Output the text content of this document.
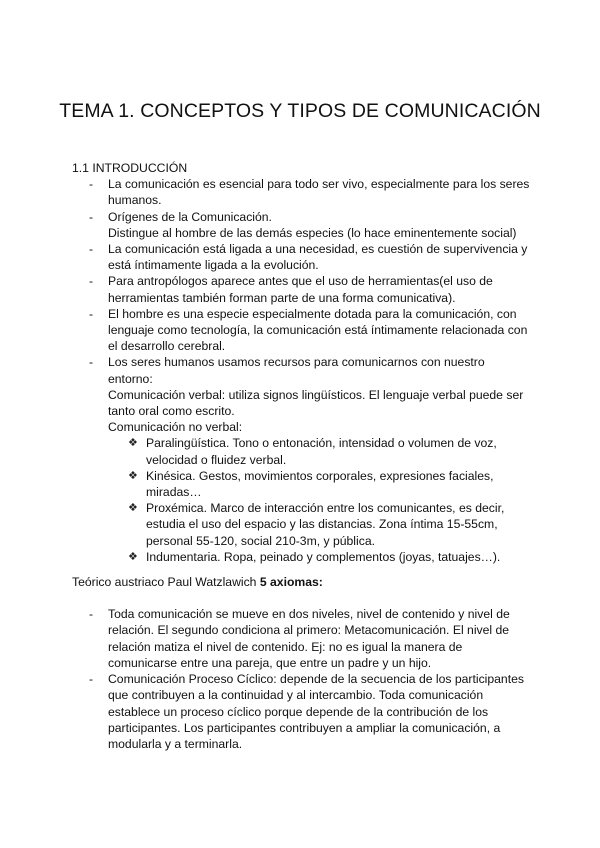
TEMA 1. CONCEPTOS Y TIPOS DE COMUNICACIÓN

1.1 INTRODUCCIÓN

- La comunicación es esencial para todo ser vivo, especialmente para los seres humanos.
- Orígenes de la Comunicación.

Distingue al hombre de las demás especies (lo hace eminentemente social)

- La comunicación está ligada a una necesidad, es cuestión de supervivencia y está íntimamente ligada a la evolución.
- Para antropólogos aparece antes que el uso de herramientas(el uso de herramientas también forman parte de una forma comunicativa).
- El hombre es una especie especialmente dotada para la comunicación, con lenguaje como tecnología, la comunicación está íntimamente relacionada con el desarrollo cerebral.
- Los seres humanos usamos recursos para comunicarnos con nuestro entorno:

Comunicación verbal: utiliza signos lingüísticos. El lenguaje verbal puede ser tanto oral como escrito.

Comunicación no verbal:

❖ Paralingüística. Tono o entonación, intensidad o volumen de voz, velocidad o fluidez verbal.
❖ Kinésica. Gestos, movimientos corporales, expresiones faciales, miradas…
❖ Proxémica. Marco de interacción entre los comunicantes, es decir, estudia el uso del espacio y las distancias. Zona íntima 15-55cm, personal 55-120, social 210-3m, y pública.
❖ Indumentaria. Ropa, peinado y complementos (joyas, tatuajes…).

Teórico austriaco Paul Watzlawich 5 axiomas:

- Toda comunicación se mueve en dos niveles, nivel de contenido y nivel de relación. El segundo condiciona al primero: Metacomunicación. El nivel de relación matiza el nivel de contenido. Ej: no es igual la manera de comunicarse entre una pareja, que entre un padre y un hijo.
- Comunicación Proceso Cíclico: depende de la secuencia de los participantes que contribuyen a la continuidad y al intercambio. Toda comunicación establece un proceso cíclico porque depende de la contribución de los participantes. Los participantes contribuyen a ampliar la comunicación, a modularla y a terminarla.
